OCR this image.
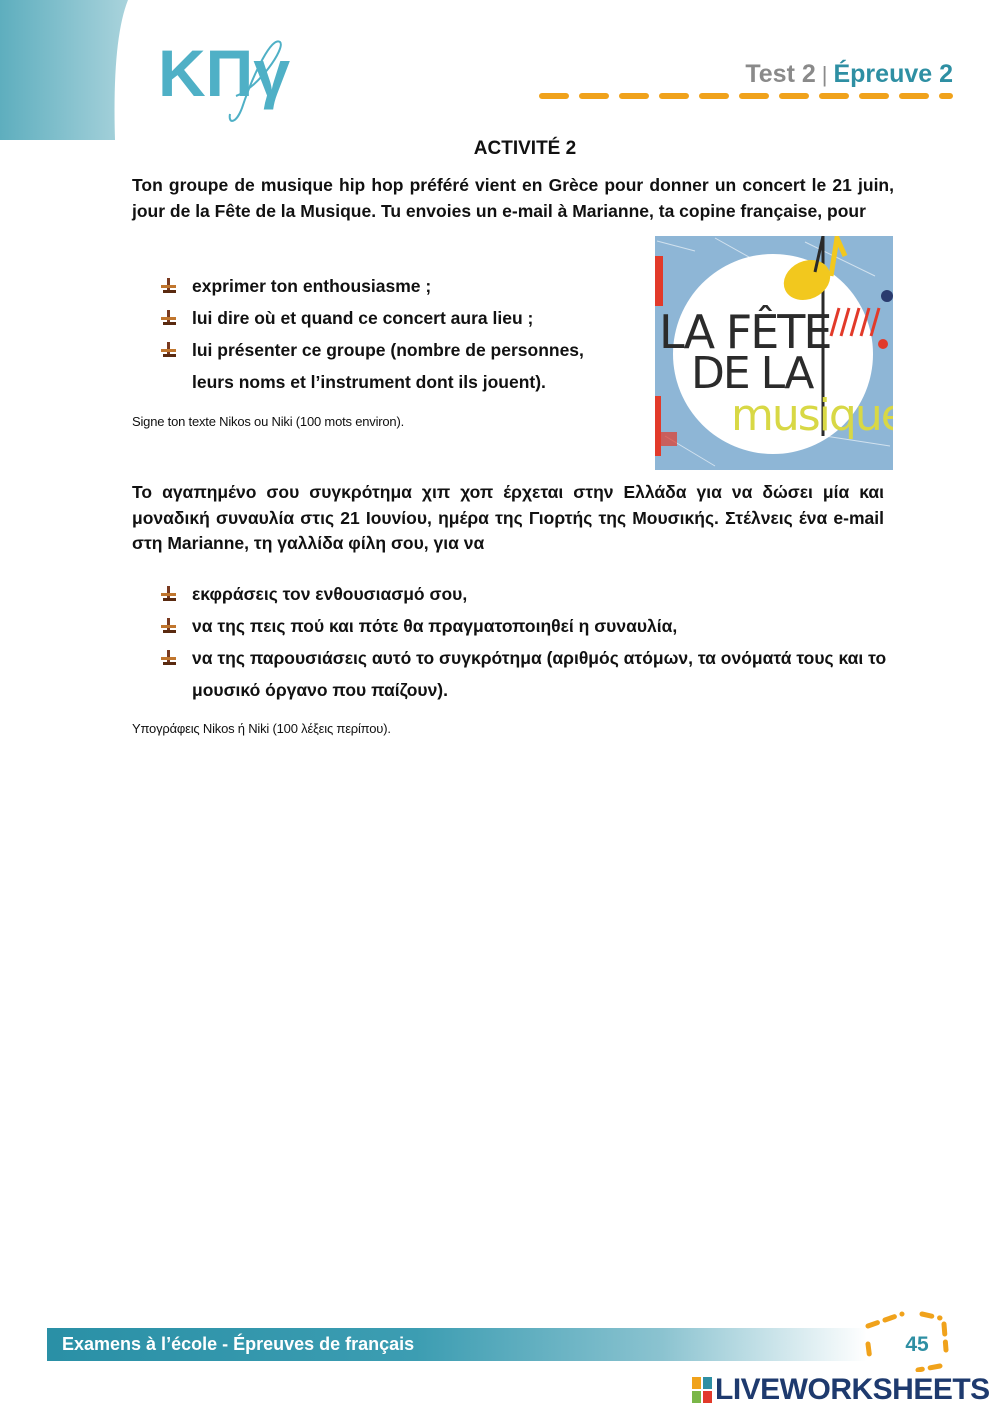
ΚΠγ	Test 2 | Épreuve 2
ACTIVITÉ 2
Ton groupe de musique hip hop préféré vient en Grèce pour donner un concert le 21 juin, jour de la Fête de la Musique. Tu envoies un e-mail à Marianne, ta copine française, pour
exprimer ton enthousiasme ;
lui dire où et quand ce concert aura lieu ;
lui présenter ce groupe (nombre de personnes, leurs noms et l’instrument dont ils jouent).
Signe ton texte Nikos ou Niki (100 mots environ).
LA FÊTE
DE LA
musique
Το αγαπημένο σου συγκρότημα χιπ χοπ έρχεται στην Ελλάδα για να δώσει μία και μοναδική συναυλία στις 21 Ιουνίου, ημέρα της Γιορτής της Μουσικής. Στέλνεις ένα e-mail στη Marianne, τη γαλλίδα φίλη σου, για να
εκφράσεις τον ενθουσιασμό σου,
να της πεις πού και πότε θα πραγματοποιηθεί η συναυλία,
να της παρουσιάσεις αυτό το συγκρότημα (αριθμός ατόμων, τα ονόματά τους και το μουσικό όργανο που παίζουν).
Υπογράφεις Nikos ή Niki (100 λέξεις περίπου).
Examens à l’école - Épreuves de français	45
LIVEWORKSHEETS
